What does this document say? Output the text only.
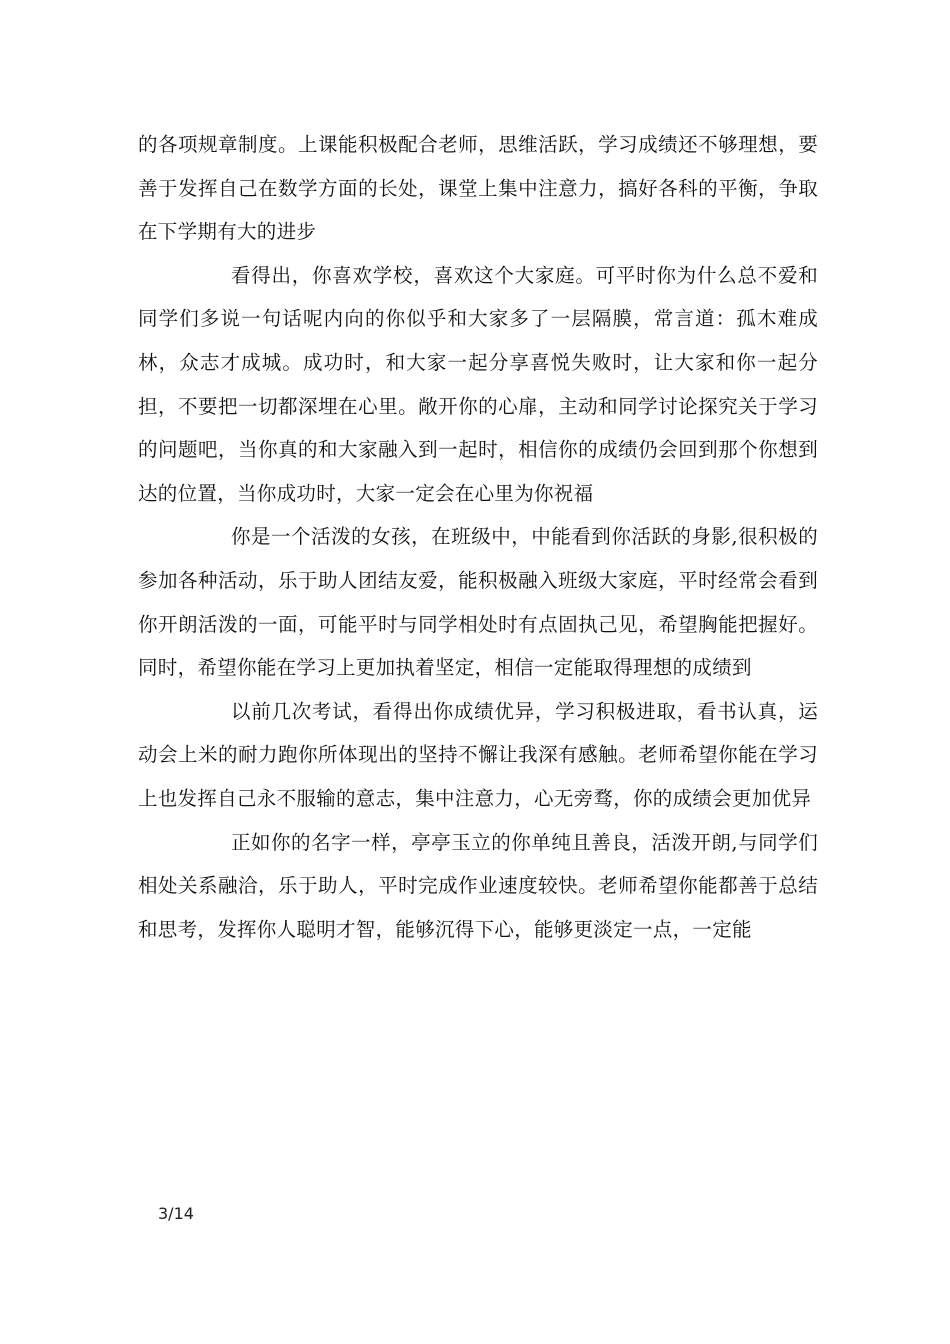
的各项规章制度。上课能积极配合老师，思维活跃，学习成绩还不够理想，要善于发挥自己在数学方面的长处，课堂上集中注意力，搞好各科的平衡，争取在下学期有大的进步

看得出，你喜欢学校，喜欢这个大家庭。可平时你为什么总不爱和同学们多说一句话呢内向的你似乎和大家多了一层隔膜，常言道：孤木难成林，众志才成城。成功时，和大家一起分享喜悦失败时，让大家和你一起分担，不要把一切都深埋在心里。敞开你的心扉，主动和同学讨论探究关于学习的问题吧，当你真的和大家融入到一起时，相信你的成绩仍会回到那个你想到达的位置，当你成功时，大家一定会在心里为你祝福

你是一个活泼的女孩，在班级中，中能看到你活跃的身影,很积极的参加各种活动，乐于助人团结友爱，能积极融入班级大家庭，平时经常会看到你开朗活泼的一面，可能平时与同学相处时有点固执己见，希望胸能把握好。同时，希望你能在学习上更加执着坚定，相信一定能取得理想的成绩到

以前几次考试，看得出你成绩优异，学习积极进取，看书认真，运动会上米的耐力跑你所体现出的坚持不懈让我深有感触。老师希望你能在学习上也发挥自己永不服输的意志，集中注意力，心无旁骛，你的成绩会更加优异

正如你的名字一样，亭亭玉立的你单纯且善良，活泼开朗,与同学们相处关系融洽，乐于助人，平时完成作业速度较快。老师希望你能都善于总结和思考，发挥你人聪明才智，能够沉得下心，能够更淡定一点，一定能

3/14
